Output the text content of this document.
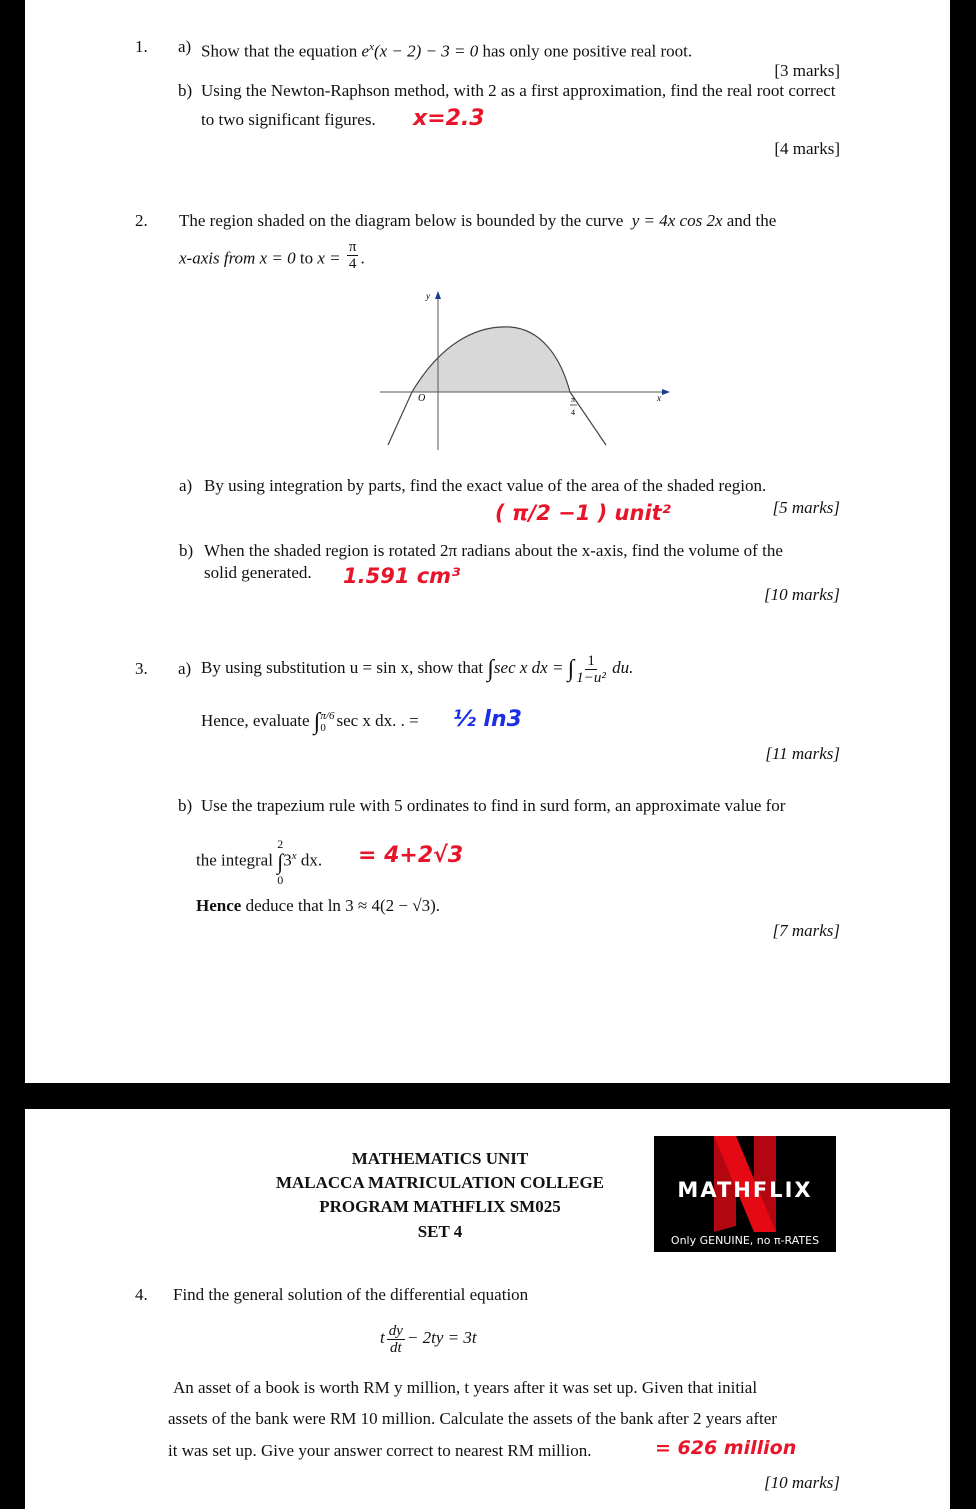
1. a) Show that the equation $e^x(x - 2) - 3 = 0$ has only one positive real root.
[3 marks]
b) Using the Newton-Raphson method, with 2 as a first approximation, find the real root correct
to two significant figures. x=2.3
[4 marks]
2. The region shaded on the diagram below is bounded by the curve y = 4x cos 2x and the
x-axis from x = 0 to $x = \frac{\pi}{4}$ .
y
x
O	π
4
a) By using integration by parts, find the exact value of the area of the shaded region.
( π/2 −1 ) unit²	[5 marks]
b) When the shaded region is rotated 2π radians about the x-axis, find the volume of the
solid generated. 1.591 cm³
[10 marks]
3. a) By using substitution u = sin x, show that ∫sec x dx = ∫ $\frac{1}{\text{1−u²}}$ du.
Hence, evaluate ∫ π/6
0 sec x dx. . = ½ ln3
[11 marks]
b) Use the trapezium rule with 5 ordinates to find in surd form, an approximate value for
the integral
2
∫
0
3$^x$ dx. = 4+2√3
Hence deduce that ln 3 ≈ 4(2 − √3).
[7 marks]
MATHEMATICS UNIT
MALACCA MATRICULATION COLLEGE
PROGRAM MATHFLIX SM025
SET 4
MATHFLIX
Only GENUINE, no π-RATES
4. Find the general solution of the differential equation
t $\frac{dy}{dt} - 2ty = 3t$
An asset of a book is worth RM y million, t years after it was set up. Given that initial
assets of the bank were RM 10 million. Calculate the assets of the bank after 2 years after
it was set up. Give your answer correct to nearest RM million.	= 626 million
[10 marks]
